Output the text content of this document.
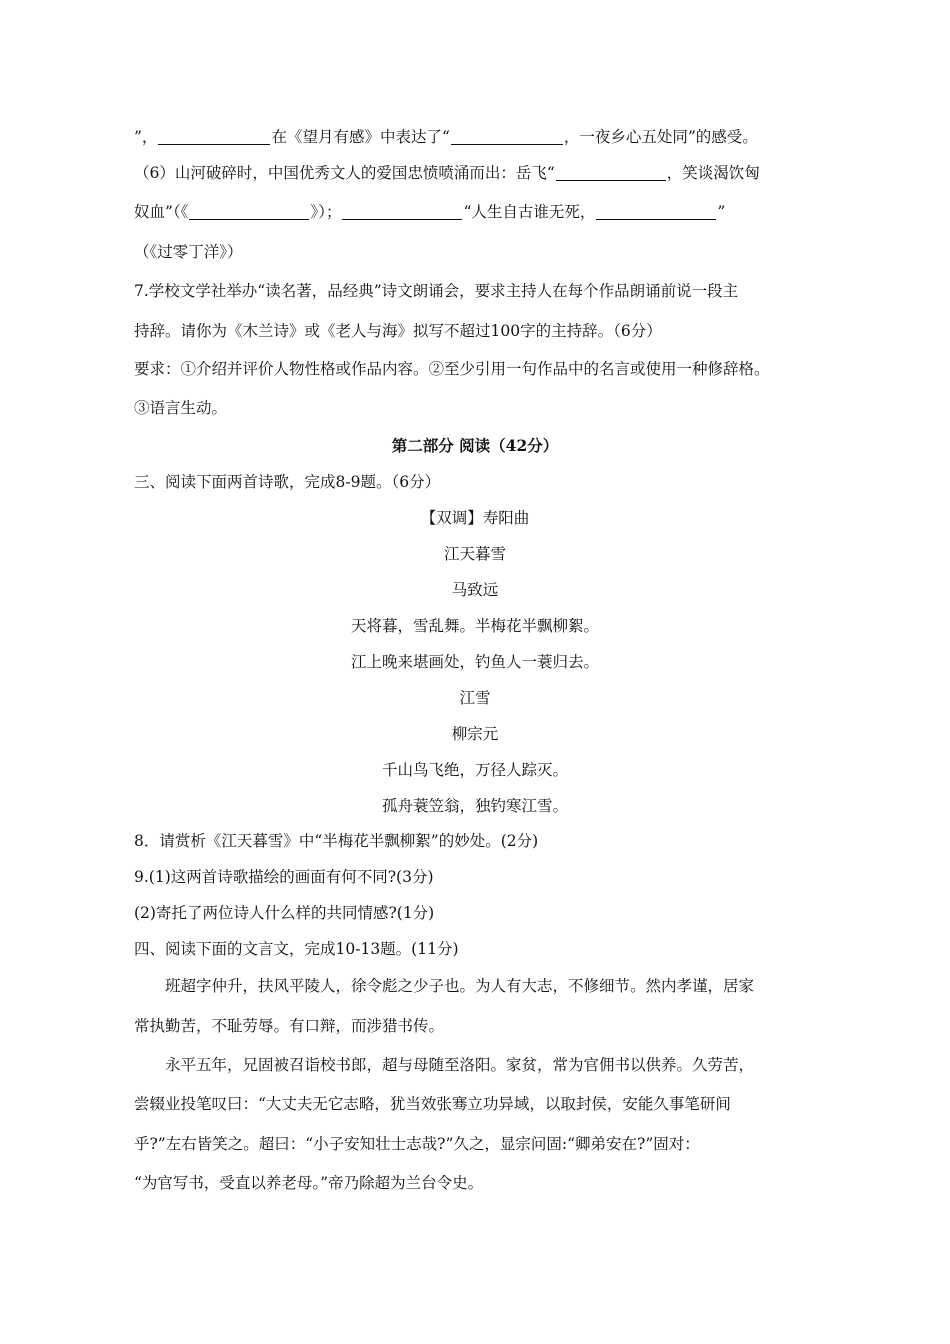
”，	在《望月有感》中表达了“	，一夜乡心五处同”的感受。
（6）山河破碎时，中国优秀文人的爱国忠愤喷涌而出：岳飞“	，笑谈渴饮匈
奴血”（《	》）；	“人生自古谁无死，	”
（《过零丁洋》）
7.学校文学社举办“读名著，品经典”诗文朗诵会，要求主持人在每个作品朗诵前说一段主
持辞。请你为《木兰诗》或《老人与海》拟写不超过100字的主持辞。（6分）
要求：①介绍并评价人物性格或作品内容。②至少引用一句作品中的名言或使用一种修辞格。
③语言生动。
第二部分 阅读（42分）
三、阅读下面两首诗歌，完成8-9题。（6分）
【双调】寿阳曲
江天暮雪
马致远
天将暮，雪乱舞。半梅花半飘柳絮。
江上晚来堪画处，钓鱼人一蓑归去。
江雪
柳宗元
千山鸟飞绝，万径人踪灭。
孤舟蓑笠翁，独钓寒江雪。
8．请赏析《江天暮雪》中“半梅花半飘柳絮”的妙处。(2分)
9.(1)这两首诗歌描绘的画面有何不同?(3分)
(2)寄托了两位诗人什么样的共同情感?(1分)
四、阅读下面的文言文，完成10-13题。(11分)
班超字仲升，扶风平陵人，徐令彪之少子也。为人有大志，不修细节。然内孝谨，居家
常执勤苦，不耻劳辱。有口辩，而涉猎书传。
永平五年，兄固被召诣校书郎，超与母随至洛阳。家贫，常为官佣书以供养。久劳苦，
尝辍业投笔叹曰：“大丈夫无它志略，犹当效张骞立功异域，以取封侯，安能久事笔研间
乎?”左右皆笑之。超曰：“小子安知壮士志哉?”久之，显宗问固:“卿弟安在?”固对：
“为官写书，受直以养老母。”帝乃除超为兰台令史。
